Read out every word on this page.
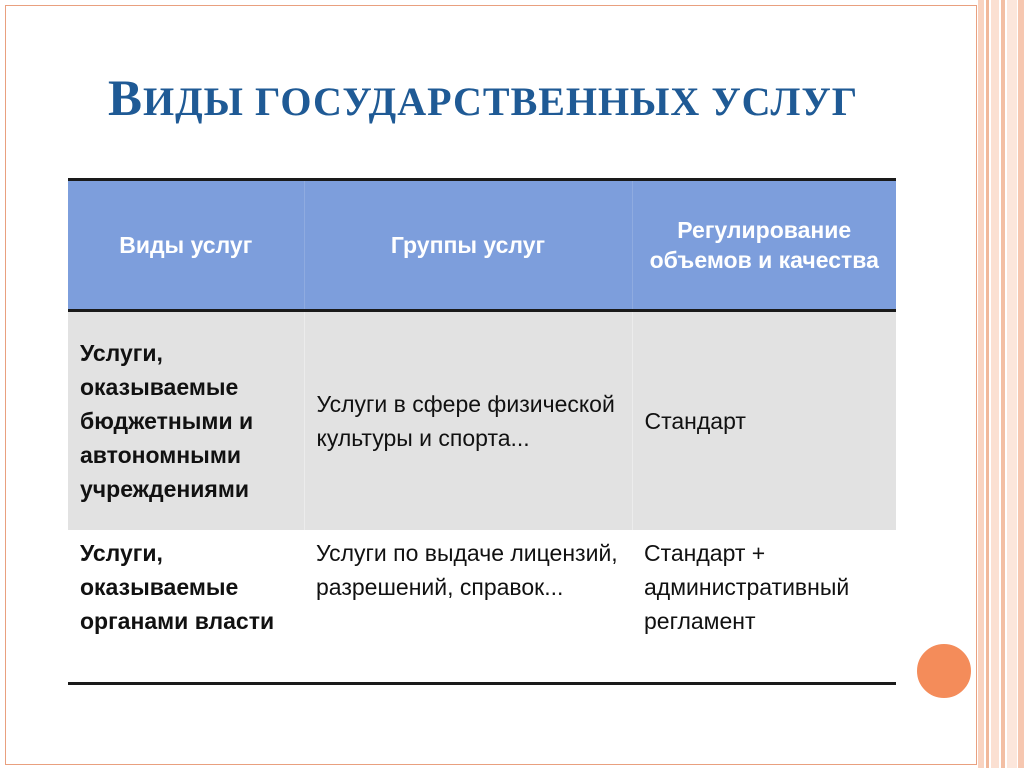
ВИДЫ ГОСУДАРСТВЕННЫХ УСЛУГ
Виды услуг	Группы услуг	Регулирование объемов и качества
Услуги, оказываемые бюджетными и автономными учреждениями	Услуги в сфере физической культуры и спорта...	Стандарт
Услуги, оказываемые органами власти	Услуги по выдаче лицензий, разрешений, справок...	Стандарт + административный регламент
